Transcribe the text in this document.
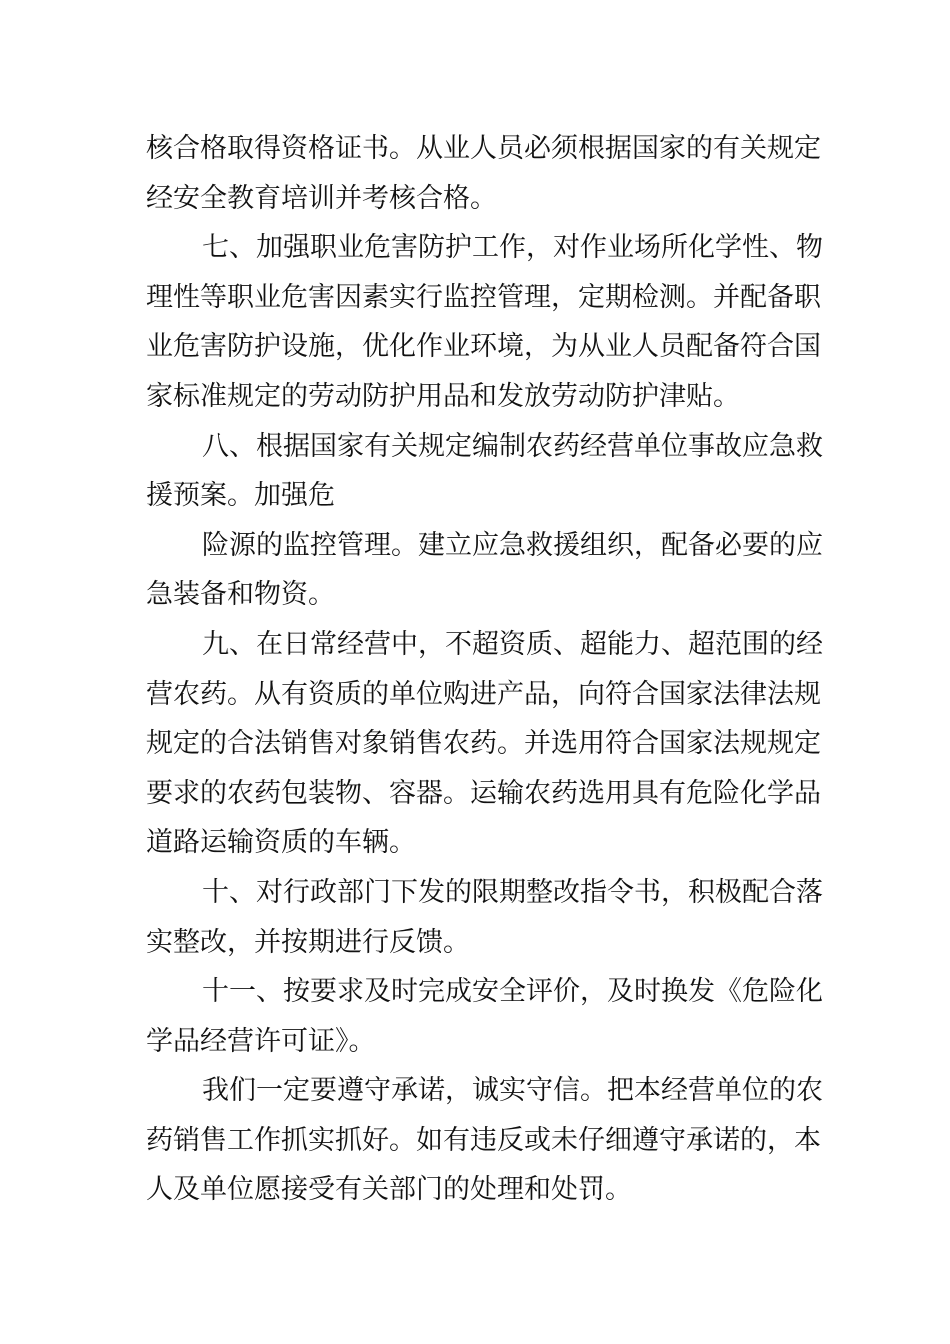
核合格取得资格证书。从业人员必须根据国家的有关规定
经安全教育培训并考核合格。
七、加强职业危害防护工作，对作业场所化学性、物
理性等职业危害因素实行监控管理，定期检测。并配备职
业危害防护设施，优化作业环境，为从业人员配备符合国
家标准规定的劳动防护用品和发放劳动防护津贴。
八、根据国家有关规定编制农药经营单位事故应急救
援预案。加强危
险源的监控管理。建立应急救援组织，配备必要的应
急装备和物资。
九、在日常经营中，不超资质、超能力、超范围的经
营农药。从有资质的单位购进产品，向符合国家法律法规
规定的合法销售对象销售农药。并选用符合国家法规规定
要求的农药包装物、容器。运输农药选用具有危险化学品
道路运输资质的车辆。
十、对行政部门下发的限期整改指令书，积极配合落
实整改，并按期进行反馈。
十一、按要求及时完成安全评价，及时换发《危险化
学品经营许可证》。
我们一定要遵守承诺，诚实守信。把本经营单位的农
药销售工作抓实抓好。如有违反或未仔细遵守承诺的，本
人及单位愿接受有关部门的处理和处罚。
